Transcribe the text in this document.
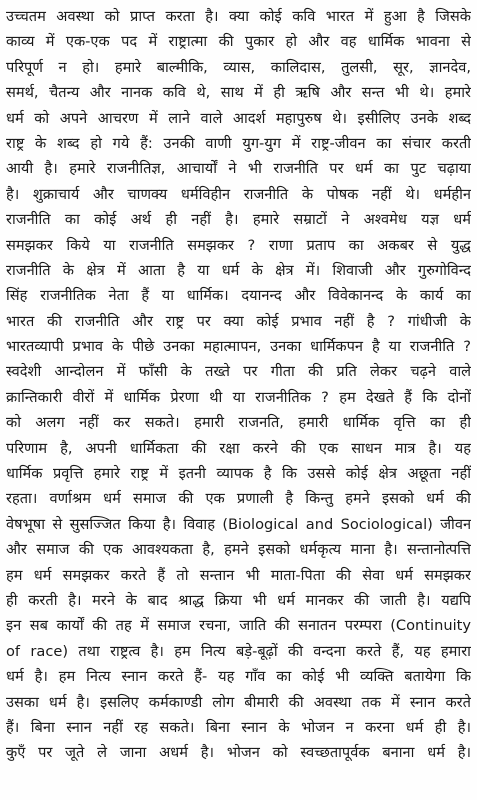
उच्चतम अवस्था को प्राप्त करता है। क्या कोई कवि भारत में हुआ है जिसके
काव्य में एक-एक पद में राष्ट्रात्मा की पुकार हो और वह धार्मिक भावना से
परिपूर्ण न हो। हमारे बाल्मीकि, व्यास, कालिदास, तुलसी, सूर, ज्ञानदेव,
समर्थ, चैतन्य और नानक कवि थे, साथ में ही ऋषि और सन्त भी थे। हमारे
धर्म को अपने आचरण में लाने वाले आदर्श महापुरुष थे। इसीलिए उनके शब्द
राष्ट्र के शब्द हो गये हैं: उनकी वाणी युग-युग में राष्ट्र-जीवन का संचार करती
आयी है। हमारे राजनीतिज्ञ, आचार्यों ने भी राजनीति पर धर्म का पुट चढ़ाया
है। शुक्राचार्य और चाणक्य धर्मविहीन राजनीति के पोषक नहीं थे। धर्महीन
राजनीति का कोई अर्थ ही नहीं है। हमारे सम्राटों ने अश्वमेध यज्ञ धर्म
समझकर किये या राजनीति समझकर ? राणा प्रताप का अकबर से युद्ध
राजनीति के क्षेत्र में आता है या धर्म के क्षेत्र में। शिवाजी और गुरुगोविन्द
सिंह राजनीतिक नेता हैं या धार्मिक। दयानन्द और विवेकानन्द के कार्य का
भारत की राजनीति और राष्ट्र पर क्या कोई प्रभाव नहीं है ? गांधीजी के
भारतव्यापी प्रभाव के पीछे उनका महात्मापन, उनका धार्मिकपन है या राजनीति ?
स्वदेशी आन्दोलन में फाँसी के तख्ते पर गीता की प्रति लेकर चढ़ने वाले
क्रान्तिकारी वीरों में धार्मिक प्रेरणा थी या राजनीतिक ? हम देखते हैं कि दोनों
को अलग नहीं कर सकते। हमारी राजनति, हमारी धार्मिक वृत्ति का ही
परिणाम है, अपनी धार्मिकता की रक्षा करने की एक साधन मात्र है। यह
धार्मिक प्रवृत्ति हमारे राष्ट्र में इतनी व्यापक है कि उससे कोई क्षेत्र अछूता नहीं
रहता। वर्णाश्रम धर्म समाज की एक प्रणाली है किन्तु हमने इसको धर्म की
वेषभूषा से सुसज्जित किया है। विवाह (Biological and Sociological) जीवन
और समाज की एक आवश्यकता है, हमने इसको धर्मकृत्य माना है। सन्तानोत्पत्ति
हम धर्म समझकर करते हैं तो सन्तान भी माता-पिता की सेवा धर्म समझकर
ही करती है। मरने के बाद श्राद्ध क्रिया भी धर्म मानकर की जाती है। यद्यपि
इन सब कार्यों की तह में समाज रचना, जाति की सनातन परम्परा (Continuity
of race) तथा राष्ट्रत्व है। हम नित्य बड़े-बूढ़ों की वन्दना करते हैं, यह हमारा
धर्म है। हम नित्य स्नान करते हैं- यह गाँव का कोई भी व्यक्ति बतायेगा कि
उसका धर्म है। इसलिए कर्मकाण्डी लोग बीमारी की अवस्था तक में स्नान करते
हैं। बिना स्नान नहीं रह सकते। बिना स्नान के भोजन न करना धर्म ही है।
कुएँ पर जूते ले जाना अधर्म है। भोजन को स्वच्छतापूर्वक बनाना धर्म है।
